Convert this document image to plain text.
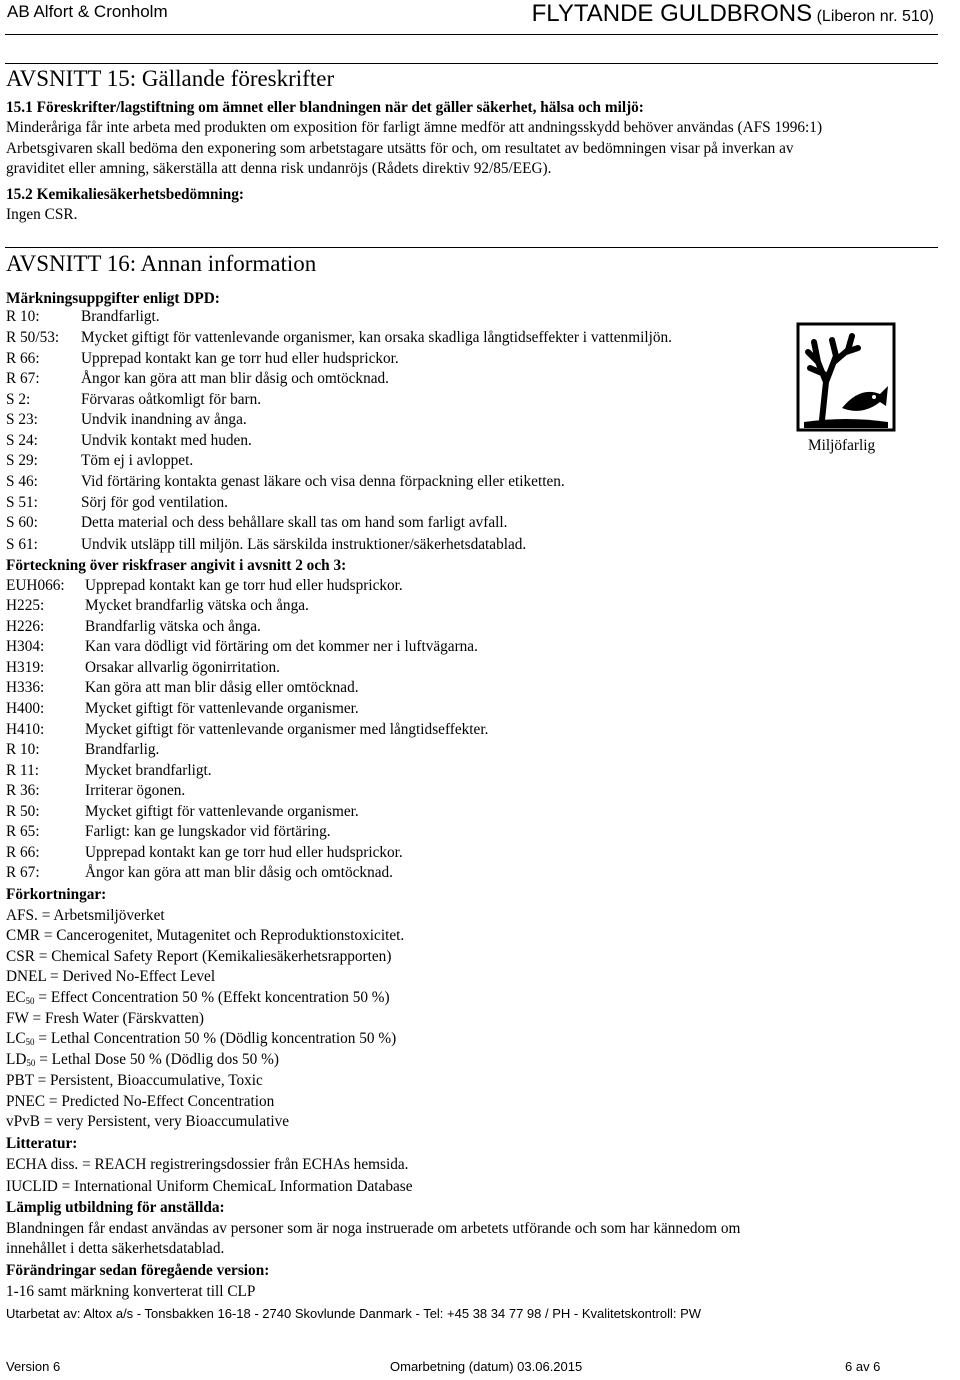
AB Alfort & Cronholm	FLYTANDE GULDBRONS (Liberon nr. 510)
AVSNITT 15: Gällande föreskrifter
15.1 Föreskrifter/lagstiftning om ämnet eller blandningen när det gäller säkerhet, hälsa och miljö:
Minderåriga får inte arbeta med produkten om exposition för farligt ämne medför att andningsskydd behöver användas (AFS 1996:1)
Arbetsgivaren skall bedöma den exponering som arbetstagare utsätts för och, om resultatet av bedömningen visar på inverkan av
graviditet eller amning, säkerställa att denna risk undanröjs (Rådets direktiv 92/85/EEG).
15.2 Kemikaliesäkerhetsbedömning:
Ingen CSR.
AVSNITT 16: Annan information
Märkningsuppgifter enligt DPD:
R 10:	Brandfarligt.
R 50/53: Mycket giftigt för vattenlevande organismer, kan orsaka skadliga långtidseffekter i vattenmiljön.
R 66:	Upprepad kontakt kan ge torr hud eller hudsprickor.
R 67:	Ångor kan göra att man blir dåsig och omtöcknad.
S 2:	Förvaras oåtkomligt för barn.
S 23:	Undvik inandning av ånga.
S 24:	Undvik kontakt med huden.
S 29:	Töm ej i avloppet.
S 46:	Vid förtäring kontakta genast läkare och visa denna förpackning eller etiketten.
S 51:	Sörj för god ventilation.
S 60:	Detta material och dess behållare skall tas om hand som farligt avfall.
S 61:	Undvik utsläpp till miljön. Läs särskilda instruktioner/säkerhetsdatablad.
Miljöfarlig
Förteckning över riskfraser angivit i avsnitt 2 och 3:
EUH066: Upprepad kontakt kan ge torr hud eller hudsprickor.
H225:	Mycket brandfarlig vätska och ånga.
H226:	Brandfarlig vätska och ånga.
H304:	Kan vara dödligt vid förtäring om det kommer ner i luftvägarna.
H319:	Orsakar allvarlig ögonirritation.
H336:	Kan göra att man blir dåsig eller omtöcknad.
H400:	Mycket giftigt för vattenlevande organismer.
H410:	Mycket giftigt för vattenlevande organismer med långtidseffekter.
R 10:	Brandfarlig.
R 11:	Mycket brandfarligt.
R 36:	Irriterar ögonen.
R 50:	Mycket giftigt för vattenlevande organismer.
R 65:	Farligt: kan ge lungskador vid förtäring.
R 66:	Upprepad kontakt kan ge torr hud eller hudsprickor.
R 67:	Ångor kan göra att man blir dåsig och omtöcknad.
Förkortningar:
AFS. = Arbetsmiljöverket
CMR = Cancerogenitet, Mutagenitet och Reproduktionstoxicitet.
CSR = Chemical Safety Report (Kemikaliesäkerhetsrapporten)
DNEL = Derived No-Effect Level
$EC_{50}$ = Effect Concentration 50 % (Effekt koncentration 50 %)
FW = Fresh Water (Färskvatten)
$LC_{50}$ = Lethal Concentration 50 % (Dödlig koncentration 50 %)
$LD_{50}$ = Lethal Dose 50 % (Dödlig dos 50 %)
PBT = Persistent, Bioaccumulative, Toxic
PNEC = Predicted No-Effect Concentration
vPvB = very Persistent, very Bioaccumulative
Litteratur:
ECHA diss. = REACH registreringsdossier från ECHAs hemsida.
IUCLID = International Uniform ChemicaL Information Database
Lämplig utbildning för anställda:
Blandningen får endast användas av personer som är noga instruerade om arbetets utförande och som har kännedom om
innehållet i detta säkerhetsdatablad.
Förändringar sedan föregående version:
1-16 samt märkning konverterat till CLP
Utarbetat av: Altox a/s - Tonsbakken 16-18 - 2740 Skovlunde Danmark - Tel: +45 38 34 77 98 / PH - Kvalitetskontroll: PW
Version 6	Omarbetning (datum) 03.06.2015	6 av 6
